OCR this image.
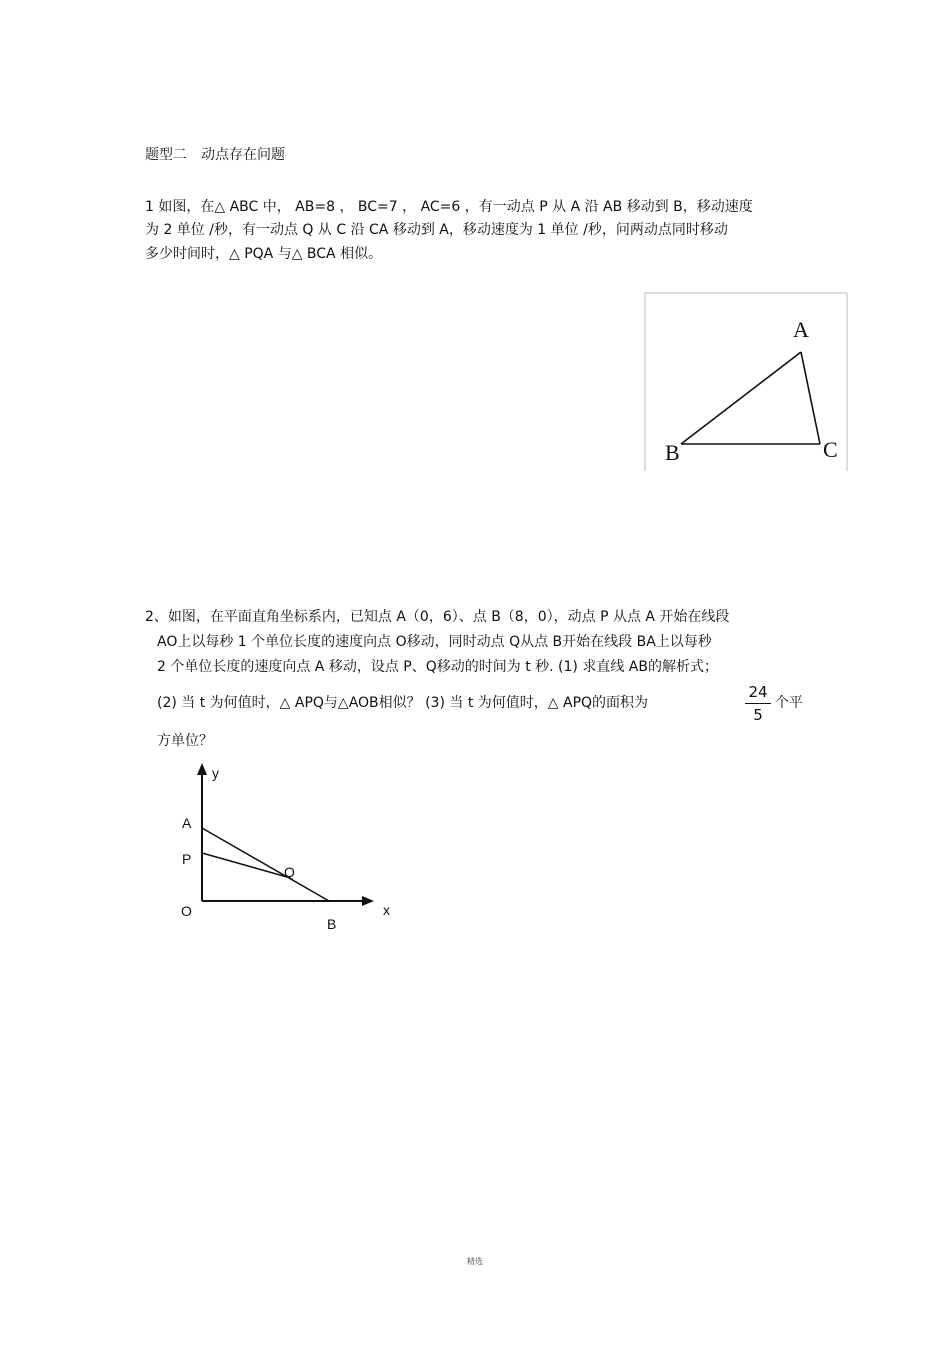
题型二　动点存在问题
1 如图，在△ ABC 中， AB=8 ， BC=7 ， AC=6 ，有一动点 P 从 A 沿 AB 移动到 B，移动速度
为 2 单位 /秒，有一动点 Q 从 C 沿 CA 移动到 A，移动速度为 1 单位 /秒，问两动点同时移动
多少时间时，△ PQA 与△ BCA 相似。
A
B	C
2、如图，在平面直角坐标系内，已知点 A（0，6）、点 B（8，0），动点 P 从点 A 开始在线段
AO上以每秒 1 个单位长度的速度向点 O移动，同时动点 Q从点 B开始在线段 BA上以每秒
2 个单位长度的速度向点 A 移动，设点 P、Q移动的时间为 t 秒. (1) 求直线 AB的解析式；
(2) 当 t 为何值时，△ APQ与△AOB相似？ (3) 当 t 为何值时，△ APQ的面积为
24
5
个平
方单位？
y
x
A
P
Q
O
B
精选
